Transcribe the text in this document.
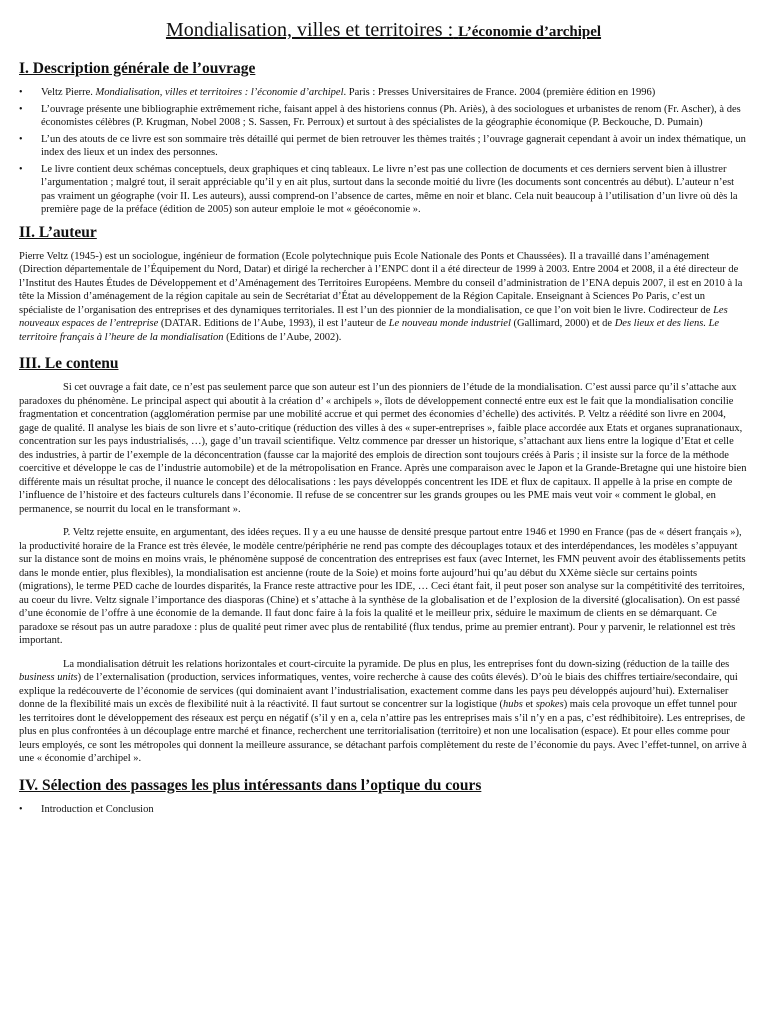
Mondialisation, villes et territoires : L’économie d’archipel
I. Description générale de l’ouvrage
• Veltz Pierre. Mondialisation, villes et territoires : l’économie d’archipel. Paris : Presses Universitaires de France. 2004 (première édition en 1996)
• L’ouvrage présente une bibliographie extrêmement riche, faisant appel à des historiens connus (Ph. Ariès), à des sociologues et urbanistes de renom (Fr. Ascher), à des économistes célèbres (P. Krugman, Nobel 2008 ; S. Sassen, Fr. Perroux) et surtout à des spécialistes de la géographie économique (P. Beckouche, D. Pumain)
• L’un des atouts de ce livre est son sommaire très détaillé qui permet de bien retrouver les thèmes traités ; l’ouvrage gagnerait cependant à avoir un index thématique, un index des lieux et un index des personnes.
• Le livre contient deux schémas conceptuels, deux graphiques et cinq tableaux. Le livre n’est pas une collection de documents et ces derniers servent bien à illustrer l’argumentation ; malgré tout, il serait appréciable qu’il y en ait plus, surtout dans la seconde moitié du livre (les documents sont concentrés au début). L’auteur n’est pas vraiment un géographe (voir II. Les auteurs), aussi comprend-on l’absence de cartes, même en noir et blanc. Cela nuit beaucoup à l’utilisation d’un livre où dès la première page de la préface (édition de 2005) son auteur emploie le mot « géoéconomie ».
II. L’auteur

Pierre Veltz (1945-) est un sociologue, ingénieur de formation (Ecole polytechnique puis Ecole Nationale des Ponts et Chaussées). Il a travaillé dans l’aménagement (Direction départementale de l’Équipement du Nord, Datar) et dirigé la rechercher à l’ENPC dont il a été directeur de 1999 à 2003. Entre 2004 et 2008, il a été directeur de l’Institut des Hautes Études de Développement et d’Aménagement des Territoires Européens. Membre du conseil d’administration de l’ENA depuis 2007, il est en 2010 à la tête la Mission d’aménagement de la région capitale au sein de Secrétariat d’État au développement de la Région Capitale. Enseignant à Sciences Po Paris, c’est un spécialiste de l’organisation des entreprises et des dynamiques territoriales. Il est l’un des pionnier de la mondialisation, ce que l’on voit bien le livre. Codirecteur de Les nouveaux espaces de l’entreprise (DATAR. Editions de l’Aube, 1993), il est l’auteur de Le nouveau monde industriel (Gallimard, 2000) et de Des lieux et des liens. Le territoire français à l’heure de la mondialisation (Editions de l’Aube, 2002).

III. Le contenu

Si cet ouvrage a fait date, ce n’est pas seulement parce que son auteur est l’un des pionniers de l’étude de la mondialisation. C’est aussi parce qu’il s’attache aux paradoxes du phénomène. Le principal aspect qui aboutit à la création d’ « archipels », îlots de développement connecté entre eux est le fait que la mondialisation concilie fragmentation et concentration (agglomération permise par une mobilité accrue et qui permet des économies d’échelle) des activités. P. Veltz a réédité son livre en 2004, gage de qualité. Il analyse les biais de son livre et s’auto-critique (réduction des villes à des « super-entreprises », faible place accordée aux Etats et organes supranationaux, concentration sur les pays industrialisés, …), gage d’un travail scientifique. Veltz commence par dresser un historique, s’attachant aux liens entre la logique d’Etat et celle des industries, à partir de l’exemple de la déconcentration (fausse car la majorité des emplois de direction sont toujours créés à Paris ; il insiste sur la force de la méthode coercitive et développe le cas de l’industrie automobile) et de la métropolisation en France. Après une comparaison avec le Japon et la Grande-Bretagne qui une histoire bien différente mais un résultat proche, il nuance le concept des délocalisations : les pays développés concentrent les IDE et flux de capitaux. Il appelle à la prise en compte de l’influence de l’histoire et des facteurs culturels dans l’économie. Il refuse de se concentrer sur les grands groupes ou les PME mais veut voir « comment le global, en permanence, se nourrit du local en le transformant ».

P. Veltz rejette ensuite, en argumentant, des idées reçues. Il y a eu une hausse de densité presque partout entre 1946 et 1990 en France (pas de « désert français »), la productivité horaire de la France est très élevée, le modèle centre/périphérie ne rend pas compte des découplages totaux et des interdépendances, les modèles s’appuyant sur la distance sont de moins en moins vrais, le phénomène supposé de concentration des entreprises est faux (avec Internet, les FMN peuvent avoir des établissements petits dans le monde entier, plus flexibles), la mondialisation est ancienne (route de la Soie) et moins forte aujourd’hui qu’au début du XXème siècle sur certains points (migrations), le terme PED cache de lourdes disparités, la France reste attractive pour les IDE, … Ceci étant fait, il peut poser son analyse sur la compétitivité des territoires, au coeur du livre. Veltz signale l’importance des diasporas (Chine) et s’attache à la synthèse de la globalisation et de l’explosion de la diversité (glocalisation). On est passé d’une économie de l’offre à une économie de la demande. Il faut donc faire à la fois la qualité et le meilleur prix, séduire le maximum de clients en se démarquant. Ce paradoxe se résout pas un autre paradoxe : plus de qualité peut rimer avec plus de rentabilité (flux tendus, prime au premier entrant). Pour y parvenir, le relationnel est très important.

La mondialisation détruit les relations horizontales et court-circuite la pyramide. De plus en plus, les entreprises font du down-sizing (réduction de la taille des business units) de l’externalisation (production, services informatiques, ventes, voire recherche à cause des coûts élevés). D’où le biais des chiffres tertiaire/secondaire, qui explique la redécouverte de l’économie de services (qui dominaient avant l’industrialisation, exactement comme dans les pays peu développés aujourd’hui). Externaliser donne de la flexibilité mais un excès de flexibilité nuit à la réactivité. Il faut surtout se concentrer sur la logistique (hubs et spokes) mais cela provoque un effet tunnel pour les territoires dont le développement des réseaux est perçu en négatif (s’il y en a, cela n’attire pas les entreprises mais s’il n’y en a pas, c’est rédhibitoire). Les entreprises, de plus en plus confrontées à un découplage entre marché et finance, recherchent une territorialisation (territoire) et non une localisation (espace). Et pour elles comme pour leurs employés, ce sont les métropoles qui donnent la meilleure assurance, se détachant parfois complètement du reste de l’économie du pays. Avec l’effet-tunnel, on arrive à une « économie d’archipel ».

IV. Sélection des passages les plus intéressants dans l’optique du cours
• Introduction et Conclusion
